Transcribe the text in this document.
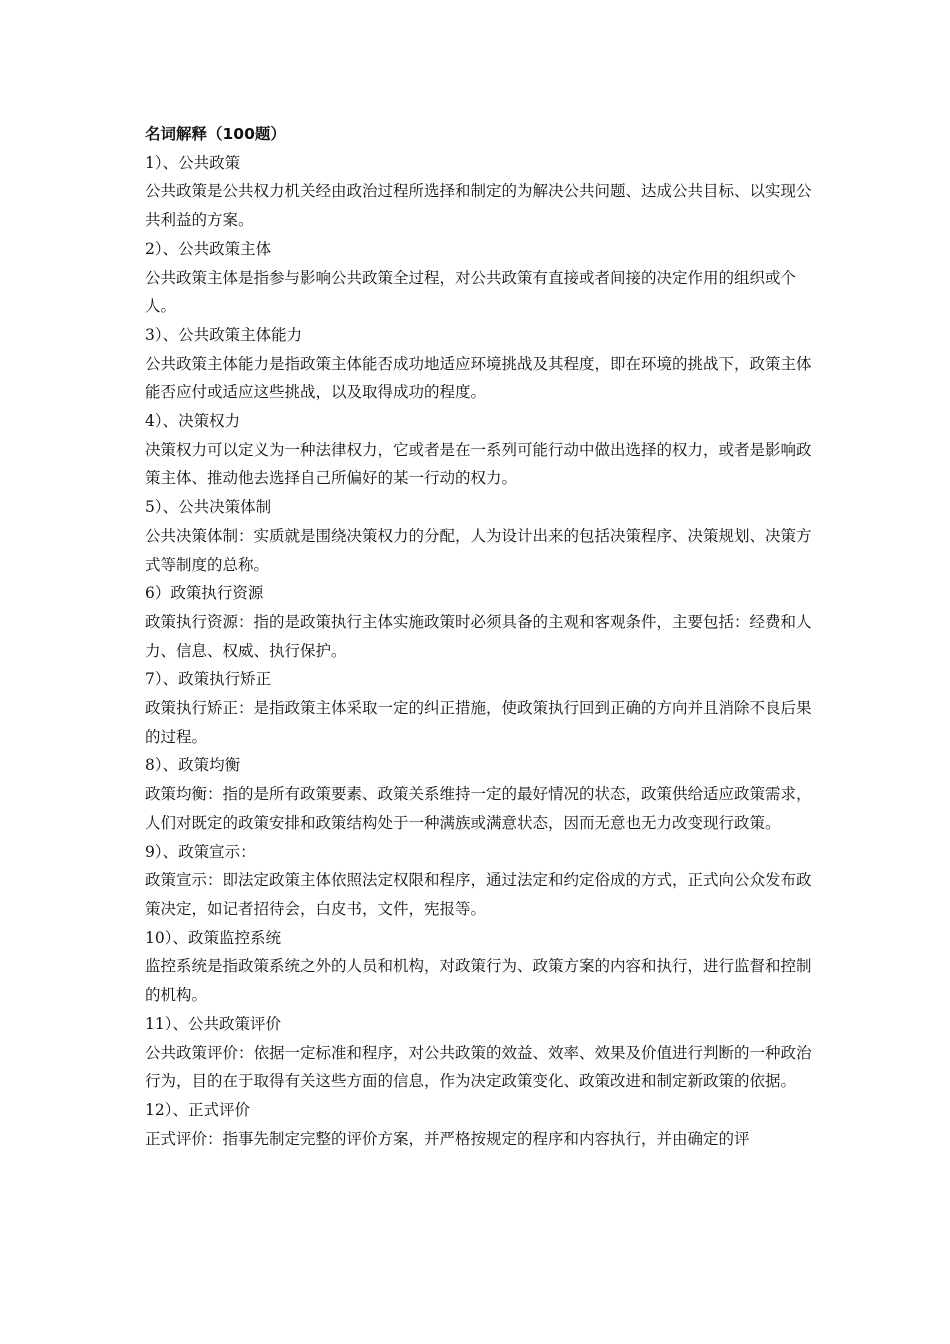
名词解释（100题）

1）、公共政策

公共政策是公共权力机关经由政治过程所选择和制定的为解决公共问题、达成公共目标、以实现公共利益的方案。

2）、公共政策主体

公共政策主体是指参与影响公共政策全过程，对公共政策有直接或者间接的决定作用的组织或个人。

3）、公共政策主体能力

公共政策主体能力是指政策主体能否成功地适应环境挑战及其程度，即在环境的挑战下，政策主体能否应付或适应这些挑战，以及取得成功的程度。

4）、决策权力

决策权力可以定义为一种法律权力，它或者是在一系列可能行动中做出选择的权力，或者是影响政策主体、推动他去选择自己所偏好的某一行动的权力。

5）、公共决策体制

公共决策体制：实质就是围绕决策权力的分配，人为设计出来的包括决策程序、决策规划、决策方式等制度的总称。

6）政策执行资源

政策执行资源：指的是政策执行主体实施政策时必须具备的主观和客观条件，主要包括：经费和人力、信息、权威、执行保护。

7）、政策执行矫正

政策执行矫正：是指政策主体采取一定的纠正措施，使政策执行回到正确的方向并且消除不良后果的过程。

8）、政策均衡

政策均衡：指的是所有政策要素、政策关系维持一定的最好情况的状态，政策供给适应政策需求，人们对既定的政策安排和政策结构处于一种满族或满意状态，因而无意也无力改变现行政策。

9）、政策宣示：

政策宣示：即法定政策主体依照法定权限和程序，通过法定和约定俗成的方式，正式向公众发布政策决定，如记者招待会，白皮书，文件，宪报等。

10）、政策监控系统

监控系统是指政策系统之外的人员和机构，对政策行为、政策方案的内容和执行，进行监督和控制的机构。

11）、公共政策评价

公共政策评价：依据一定标准和程序，对公共政策的效益、效率、效果及价值进行判断的一种政治行为，目的在于取得有关这些方面的信息，作为决定政策变化、政策改进和制定新政策的依据。

12）、正式评价

正式评价：指事先制定完整的评价方案，并严格按规定的程序和内容执行，并由确定的评
